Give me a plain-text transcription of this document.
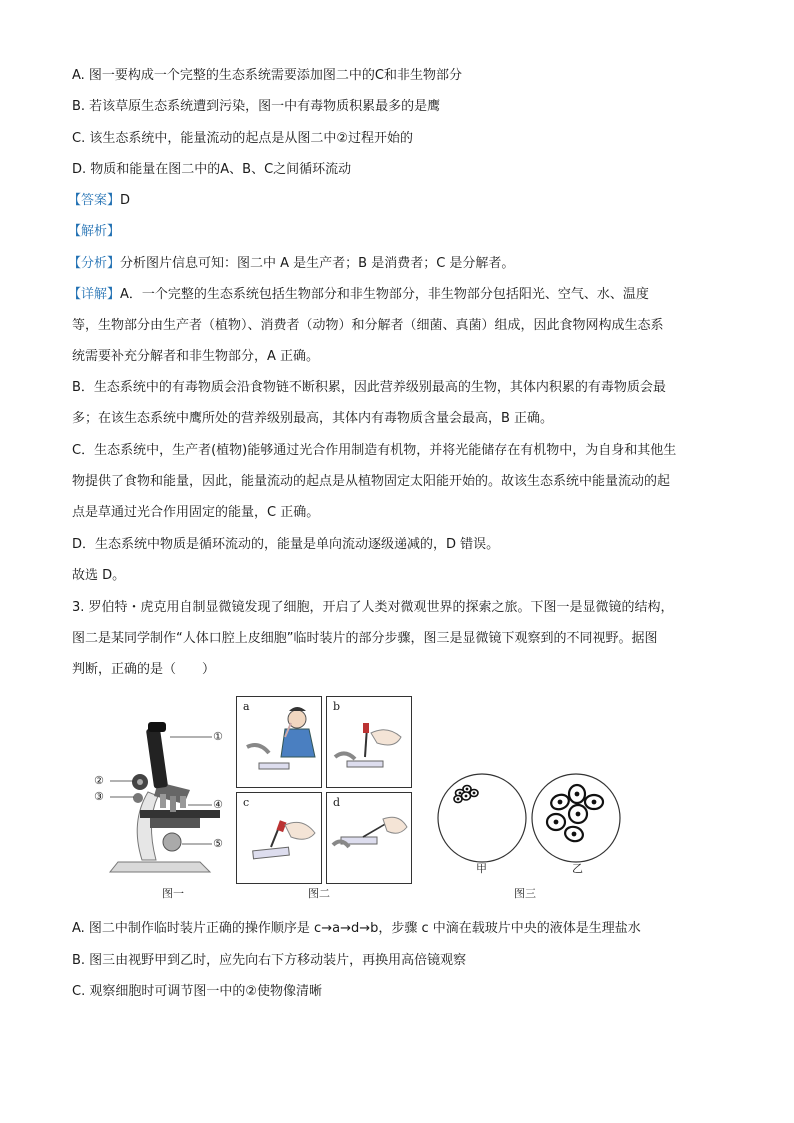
A. 图一要构成一个完整的生态系统需要添加图二中的C和非生物部分
B. 若该草原生态系统遭到污染，图一中有毒物质积累最多的是鹰
C. 该生态系统中，能量流动的起点是从图二中②过程开始的
D. 物质和能量在图二中的A、B、C之间循环流动
【答案】D
【解析】
【分析】分析图片信息可知：图二中 A 是生产者；B 是消费者；C 是分解者。
【详解】A．一个完整的生态系统包括生物部分和非生物部分，非生物部分包括阳光、空气、水、温度
等，生物部分由生产者（植物）、消费者（动物）和分解者（细菌、真菌）组成，因此食物网构成生态系
统需要补充分解者和非生物部分，A 正确。
B．生态系统中的有毒物质会沿食物链不断积累，因此营养级别最高的生物，其体内积累的有毒物质会最
多；在该生态系统中鹰所处的营养级别最高，其体内有毒物质含量会最高，B 正确。
C．生态系统中，生产者(植物)能够通过光合作用制造有机物，并将光能储存在有机物中，为自身和其他生
物提供了食物和能量，因此，能量流动的起点是从植物固定太阳能开始的。故该生态系统中能量流动的起
点是草通过光合作用固定的能量，C 正确。
D．生态系统中物质是循环流动的，能量是单向流动逐级递减的，D 错误。
故选 D。
3. 罗伯特・虎克用自制显微镜发现了细胞，开启了人类对微观世界的探索之旅。下图一是显微镜的结构，
图二是某同学制作“人体口腔上皮细胞”临时装片的部分步骤，图三是显微镜下观察到的不同视野。据图
判断，正确的是（　　）
①
②
③
④
⑤
图一
a	b
c	d
图二
甲	乙
图三
A. 图二中制作临时装片正确的操作顺序是 c→a→d→b，步骤 c 中滴在载玻片中央的液体是生理盐水
B. 图三由视野甲到乙时，应先向右下方移动装片，再换用高倍镜观察
C. 观察细胞时可调节图一中的②使物像清晰
